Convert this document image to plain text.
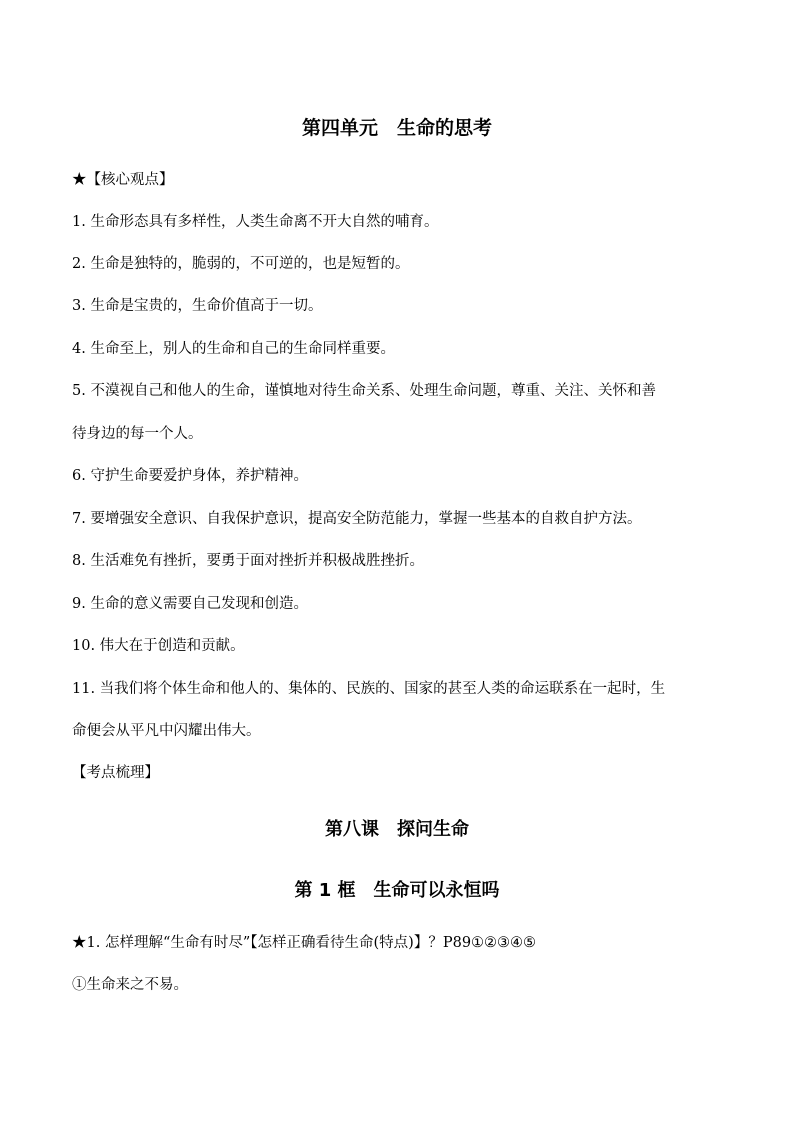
第四单元　生命的思考
★【核心观点】
1. 生命形态具有多样性，人类生命离不开大自然的哺育。
2. 生命是独特的，脆弱的，不可逆的，也是短暂的。
3. 生命是宝贵的，生命价值高于一切。
4. 生命至上，别人的生命和自己的生命同样重要。
5. 不漠视自己和他人的生命，谨慎地对待生命关系、处理生命问题，尊重、关注、关怀和善
待身边的每一个人。
6. 守护生命要爱护身体，养护精神。
7. 要增强安全意识、自我保护意识，提高安全防范能力，掌握一些基本的自救自护方法。
8. 生活难免有挫折，要勇于面对挫折并积极战胜挫折。
9. 生命的意义需要自己发现和创造。
10. 伟大在于创造和贡献。
11. 当我们将个体生命和他人的、集体的、民族的、国家的甚至人类的命运联系在一起时，生
命便会从平凡中闪耀出伟大。
【考点梳理】
第八课　探问生命
第 1 框　生命可以永恒吗
★1. 怎样理解“生命有时尽”【怎样正确看待生命(特点)】？P89①②③④⑤
①生命来之不易。
